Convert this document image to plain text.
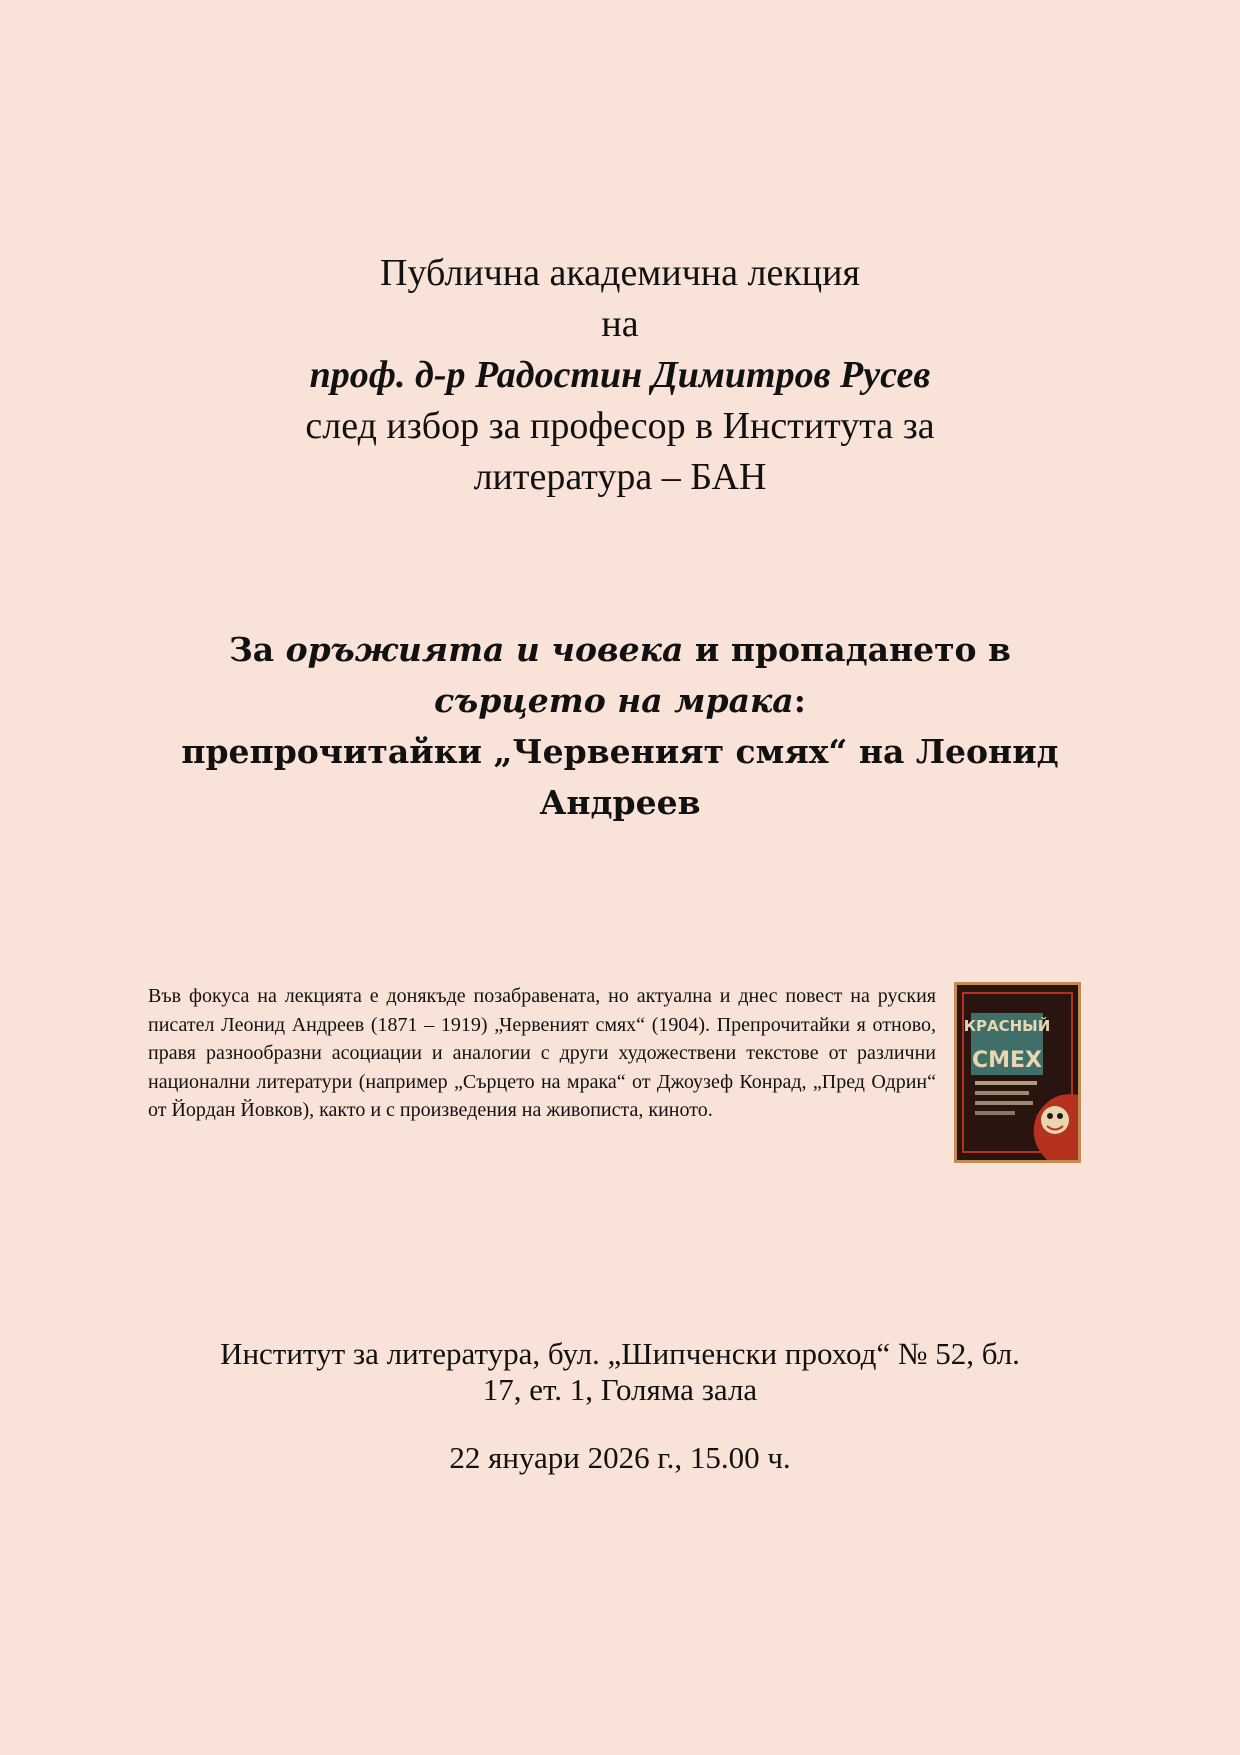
Публична академична лекция
на
проф. д-р Радостин Димитров Русев
след избор за професор в Института за
литература – БАН
За оръжията и човека и пропадането в
сърцето на мрака:
препрочитайки „Червеният смях“ на Леонид
Андреев
Във фокуса на лекцията е донякъде позабравената, но актуална и днес повест на руския писател Леонид Андреев (1871 – 1919) „Червеният смях“ (1904). Препрочитайки я отново, правя разнообразни асоциации и аналогии с други художествени текстове от различни национални литератури (например „Сърцето на мрака“ от Джоузеф Конрад, „Пред Одрин“ от Йордан Йовков), както и с произведения на живописта, киното.
КРАСНЫЙ
СМЕХ
Институт за литература, бул. „Шипченски проход“ № 52, бл.
17, ет. 1, Голяма зала
22 януари 2026 г., 15.00 ч.
